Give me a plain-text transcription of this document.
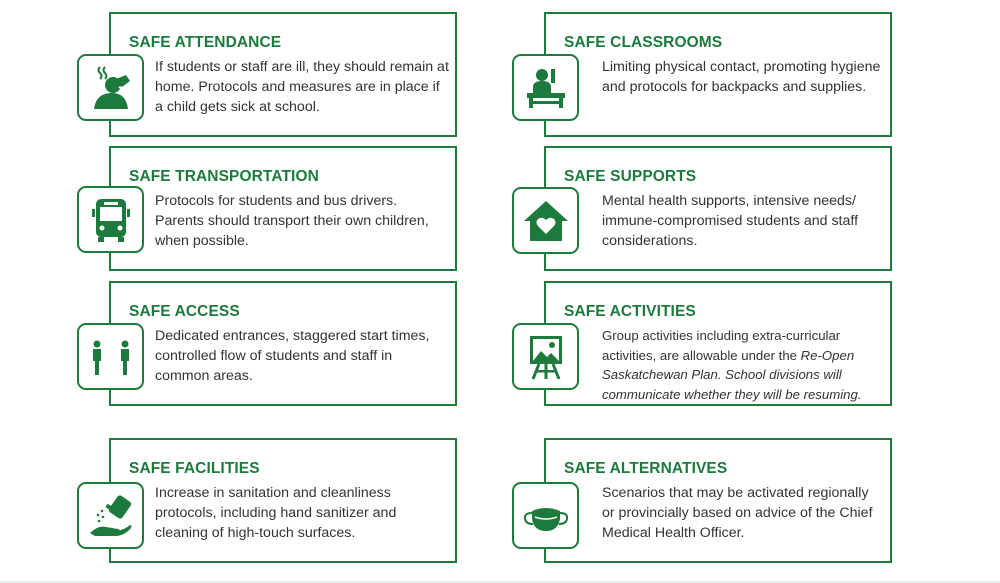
SAFE ATTENDANCE
If students or staff are ill, they should remain at home. Protocols and measures are in place if a child gets sick at school.
SAFE CLASSROOMS
Limiting physical contact, promoting hygiene and protocols for backpacks and supplies.
SAFE TRANSPORTATION
Protocols for students and bus drivers. Parents should transport their own children, when possible.
SAFE SUPPORTS
Mental health supports, intensive needs/ immune-compromised students and staff considerations.
SAFE ACCESS
Dedicated entrances, staggered start times, controlled flow of students and staff in common areas.
SAFE ACTIVITIES
Group activities including extra-curricular activities, are allowable under the Re-Open Saskatchewan Plan. School divisions will communicate whether they will be resuming.
SAFE FACILITIES
Increase in sanitation and cleanliness protocols, including hand sanitizer and cleaning of high-touch surfaces.
SAFE ALTERNATIVES
Scenarios that may be activated regionally or provincially based on advice of the Chief Medical Health Officer.
